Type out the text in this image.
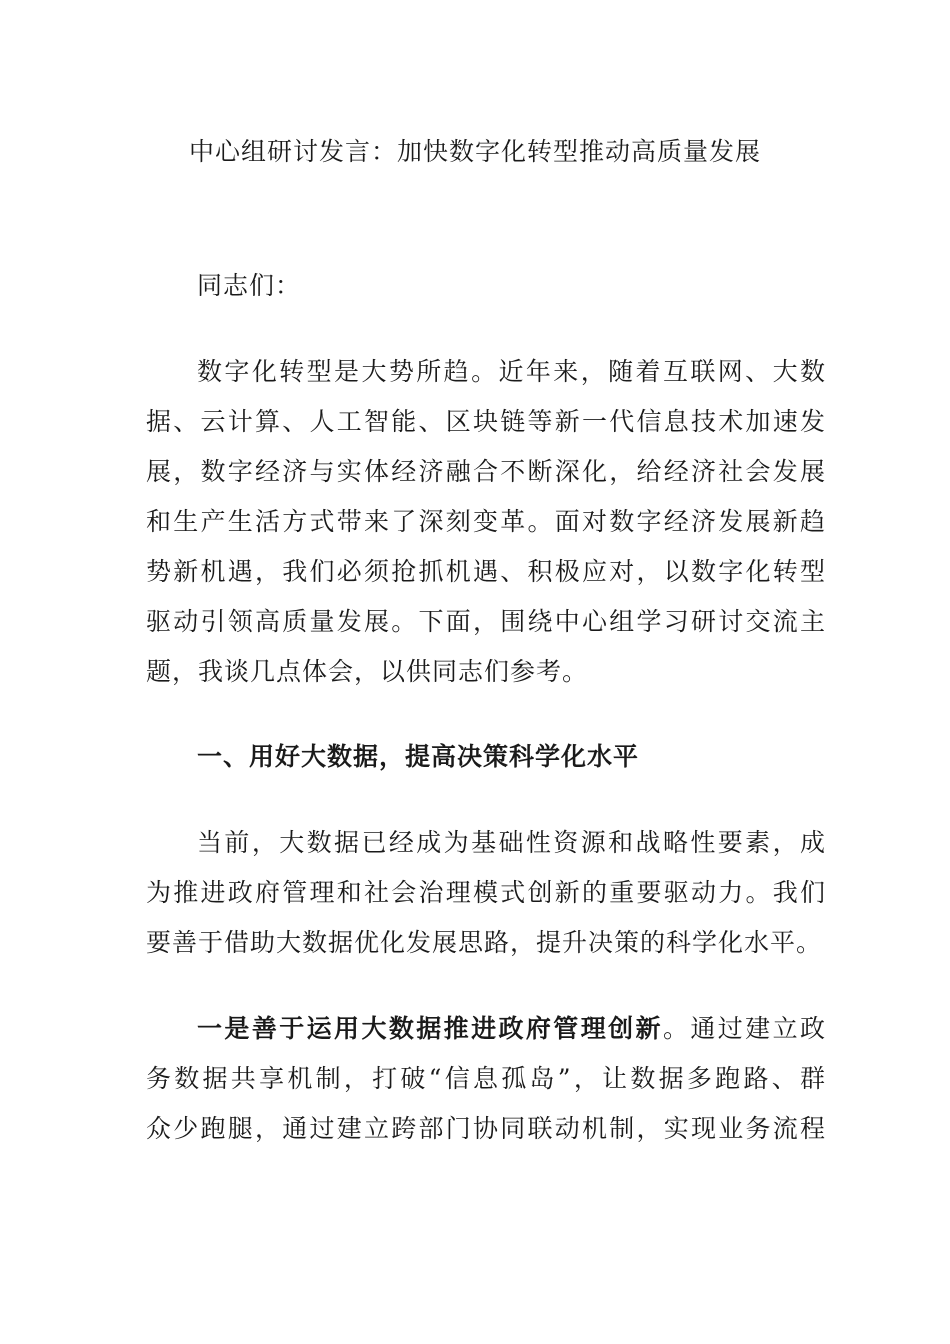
中心组研讨发言：加快数字化转型推动高质量发展
同志们：
数字化转型是大势所趋。近年来，随着互联网、大数
据、云计算、人工智能、区块链等新一代信息技术加速发
展，数字经济与实体经济融合不断深化，给经济社会发展
和生产生活方式带来了深刻变革。面对数字经济发展新趋
势新机遇，我们必须抢抓机遇、积极应对，以数字化转型
驱动引领高质量发展。下面，围绕中心组学习研讨交流主
题，我谈几点体会，以供同志们参考。
一、用好大数据，提高决策科学化水平
当前，大数据已经成为基础性资源和战略性要素，成
为推进政府管理和社会治理模式创新的重要驱动力。我们
要善于借助大数据优化发展思路，提升决策的科学化水平。
一是善于运用大数据推进政府管理创新。通过建立政
务数据共享机制，打破“信息孤岛”，让数据多跑路、群
众少跑腿，通过建立跨部门协同联动机制，实现业务流程
